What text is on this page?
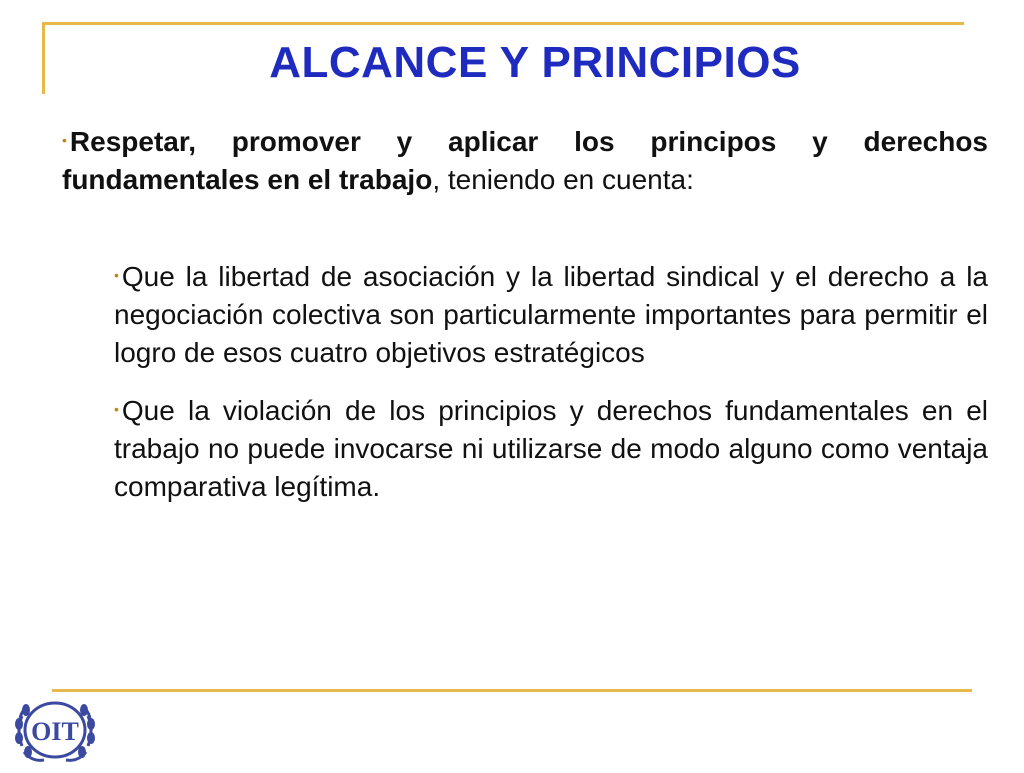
ALCANCE Y PRINCIPIOS
• Respetar, promover y aplicar los principos y derechos fundamentales en el trabajo, teniendo en cuenta:
• Que la libertad de asociación y la libertad sindical y el derecho a la negociación colectiva son particularmente importantes para permitir el logro de esos cuatro objetivos estratégicos
• Que la violación de los principios y derechos fundamentales en el trabajo no puede invocarse ni utilizarse de modo alguno como ventaja comparativa legítima.
OIT
